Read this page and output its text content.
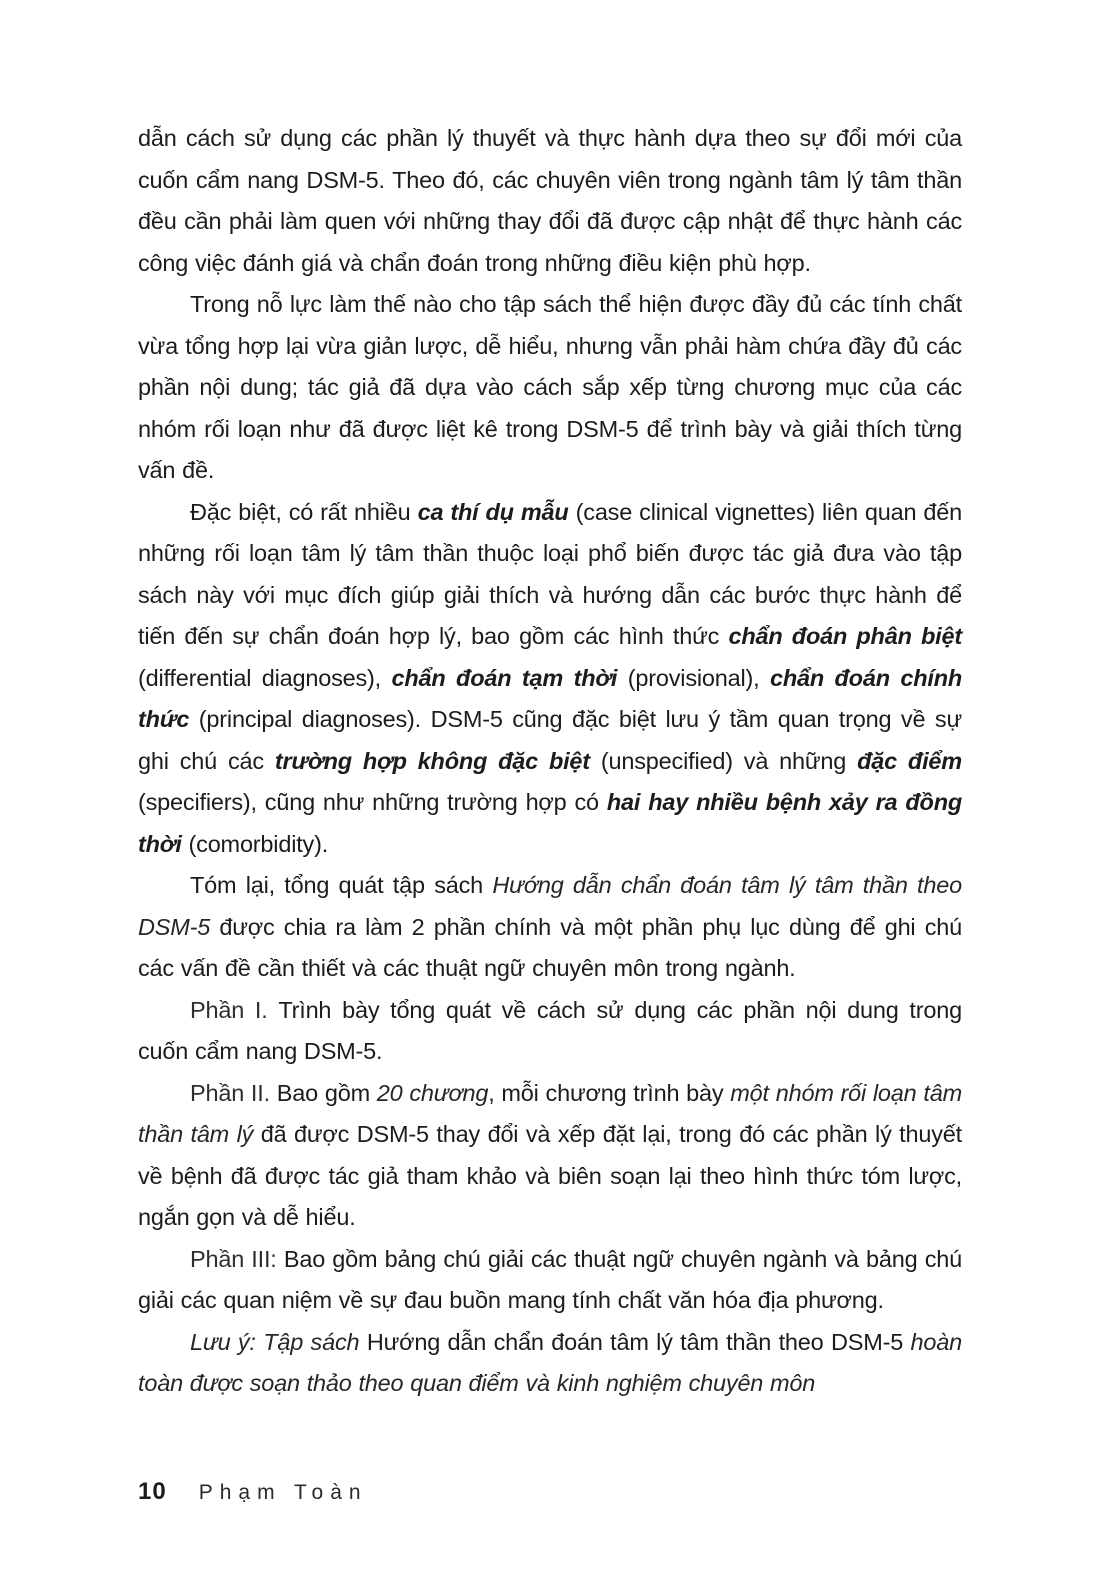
dẫn cách sử dụng các phần lý thuyết và thực hành dựa theo sự đổi mới của cuốn cẩm nang DSM-5. Theo đó, các chuyên viên trong ngành tâm lý tâm thần đều cần phải làm quen với những thay đổi đã được cập nhật để thực hành các công việc đánh giá và chẩn đoán trong những điều kiện phù hợp.

Trong nỗ lực làm thế nào cho tập sách thể hiện được đầy đủ các tính chất vừa tổng hợp lại vừa giản lược, dễ hiểu, nhưng vẫn phải hàm chứa đầy đủ các phần nội dung; tác giả đã dựa vào cách sắp xếp từng chương mục của các nhóm rối loạn như đã được liệt kê trong DSM-5 để trình bày và giải thích từng vấn đề.

Đặc biệt, có rất nhiều ca thí dụ mẫu (case clinical vignettes) liên quan đến những rối loạn tâm lý tâm thần thuộc loại phổ biến được tác giả đưa vào tập sách này với mục đích giúp giải thích và hướng dẫn các bước thực hành để tiến đến sự chẩn đoán hợp lý, bao gồm các hình thức chẩn đoán phân biệt (differential diagnoses), chẩn đoán tạm thời (provisional), chẩn đoán chính thức (principal diagnoses). DSM-5 cũng đặc biệt lưu ý tầm quan trọng về sự ghi chú các trường hợp không đặc biệt (unspecified) và những đặc điểm (specifiers), cũng như những trường hợp có hai hay nhiều bệnh xảy ra đồng thời (comorbidity).

Tóm lại, tổng quát tập sách Hướng dẫn chẩn đoán tâm lý tâm thần theo DSM-5 được chia ra làm 2 phần chính và một phần phụ lục dùng để ghi chú các vấn đề cần thiết và các thuật ngữ chuyên môn trong ngành.

Phần I. Trình bày tổng quát về cách sử dụng các phần nội dung trong cuốn cẩm nang DSM-5.

Phần II. Bao gồm 20 chương, mỗi chương trình bày một nhóm rối loạn tâm thần tâm lý đã được DSM-5 thay đổi và xếp đặt lại, trong đó các phần lý thuyết về bệnh đã được tác giả tham khảo và biên soạn lại theo hình thức tóm lược, ngắn gọn và dễ hiểu.

Phần III: Bao gồm bảng chú giải các thuật ngữ chuyên ngành và bảng chú giải các quan niệm về sự đau buồn mang tính chất văn hóa địa phương.

Lưu ý: Tập sách Hướng dẫn chẩn đoán tâm lý tâm thần theo DSM-5 hoàn toàn được soạn thảo theo quan điểm và kinh nghiệm chuyên môn

10 Phạm Toàn
